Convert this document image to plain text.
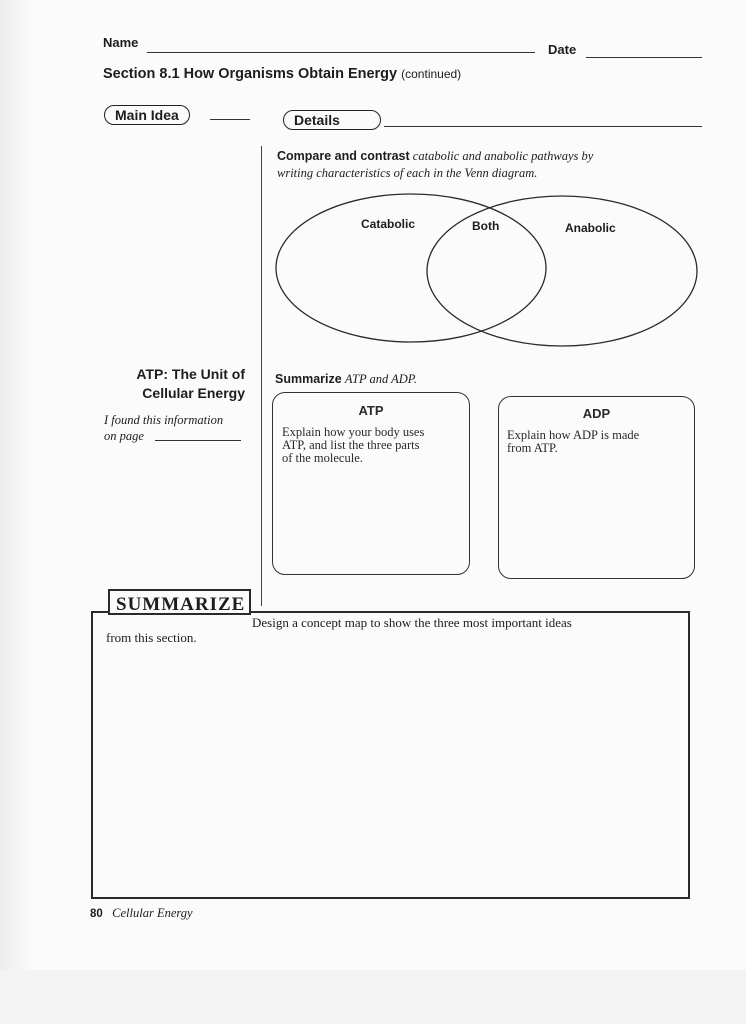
Name	Date
Section 8.1 How Organisms Obtain Energy (continued)
Main Idea	Details
Compare and contrast catabolic and anabolic pathways by
writing characteristics of each in the Venn diagram.
Catabolic	Both	Anabolic
ATP: The Unit of
Cellular Energy
I found this information
on page
Summarize ATP and ADP.
ATP
Explain how your body uses
ATP, and list the three parts
of the molecule.
ADP
Explain how ADP is made
from ATP.
SUMMARIZE
Design a concept map to show the three most important ideas
from this section.
80 Cellular Energy
